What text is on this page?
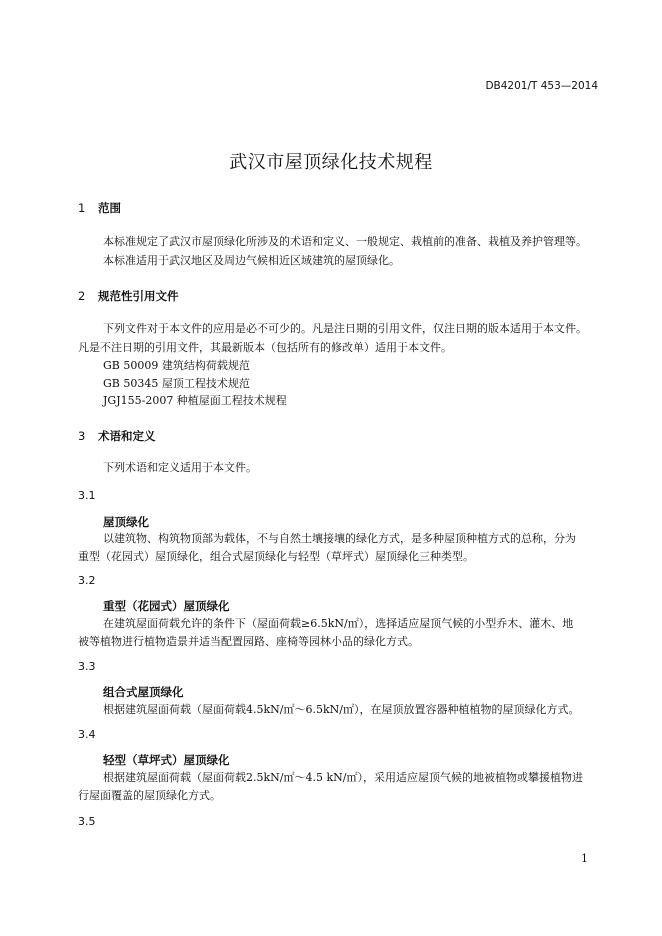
DB4201/T 453—2014
武汉市屋顶绿化技术规程
1 范围
本标准规定了武汉市屋顶绿化所涉及的术语和定义、一般规定、栽植前的准备、栽植及养护管理等。
本标准适用于武汉地区及周边气候相近区域建筑的屋顶绿化。
2 规范性引用文件
下列文件对于本文件的应用是必不可少的。凡是注日期的引用文件，仅注日期的版本适用于本文件。
凡是不注日期的引用文件，其最新版本（包括所有的修改单）适用于本文件。
GB 50009 建筑结构荷载规范
GB 50345 屋顶工程技术规范
JGJ155-2007 种植屋面工程技术规程
3 术语和定义
下列术语和定义适用于本文件。
3.1
屋顶绿化
以建筑物、构筑物顶部为载体，不与自然土壤接壤的绿化方式，是多种屋顶种植方式的总称，分为
重型（花园式）屋顶绿化，组合式屋顶绿化与轻型（草坪式）屋顶绿化三种类型。
3.2
重型（花园式）屋顶绿化
在建筑屋面荷载允许的条件下（屋面荷载≥6.5kN/㎡），选择适应屋顶气候的小型乔木、灌木、地
被等植物进行植物造景并适当配置园路、座椅等园林小品的绿化方式。
3.3
组合式屋顶绿化
根据建筑屋面荷载（屋面荷载4.5kN/㎡～6.5kN/㎡），在屋顶放置容器种植植物的屋顶绿化方式。
3.4
轻型（草坪式）屋顶绿化
根据建筑屋面荷载（屋面荷载2.5kN/㎡～4.5 kN/㎡），采用适应屋顶气候的地被植物或攀援植物进
行屋面覆盖的屋顶绿化方式。
3.5
1
